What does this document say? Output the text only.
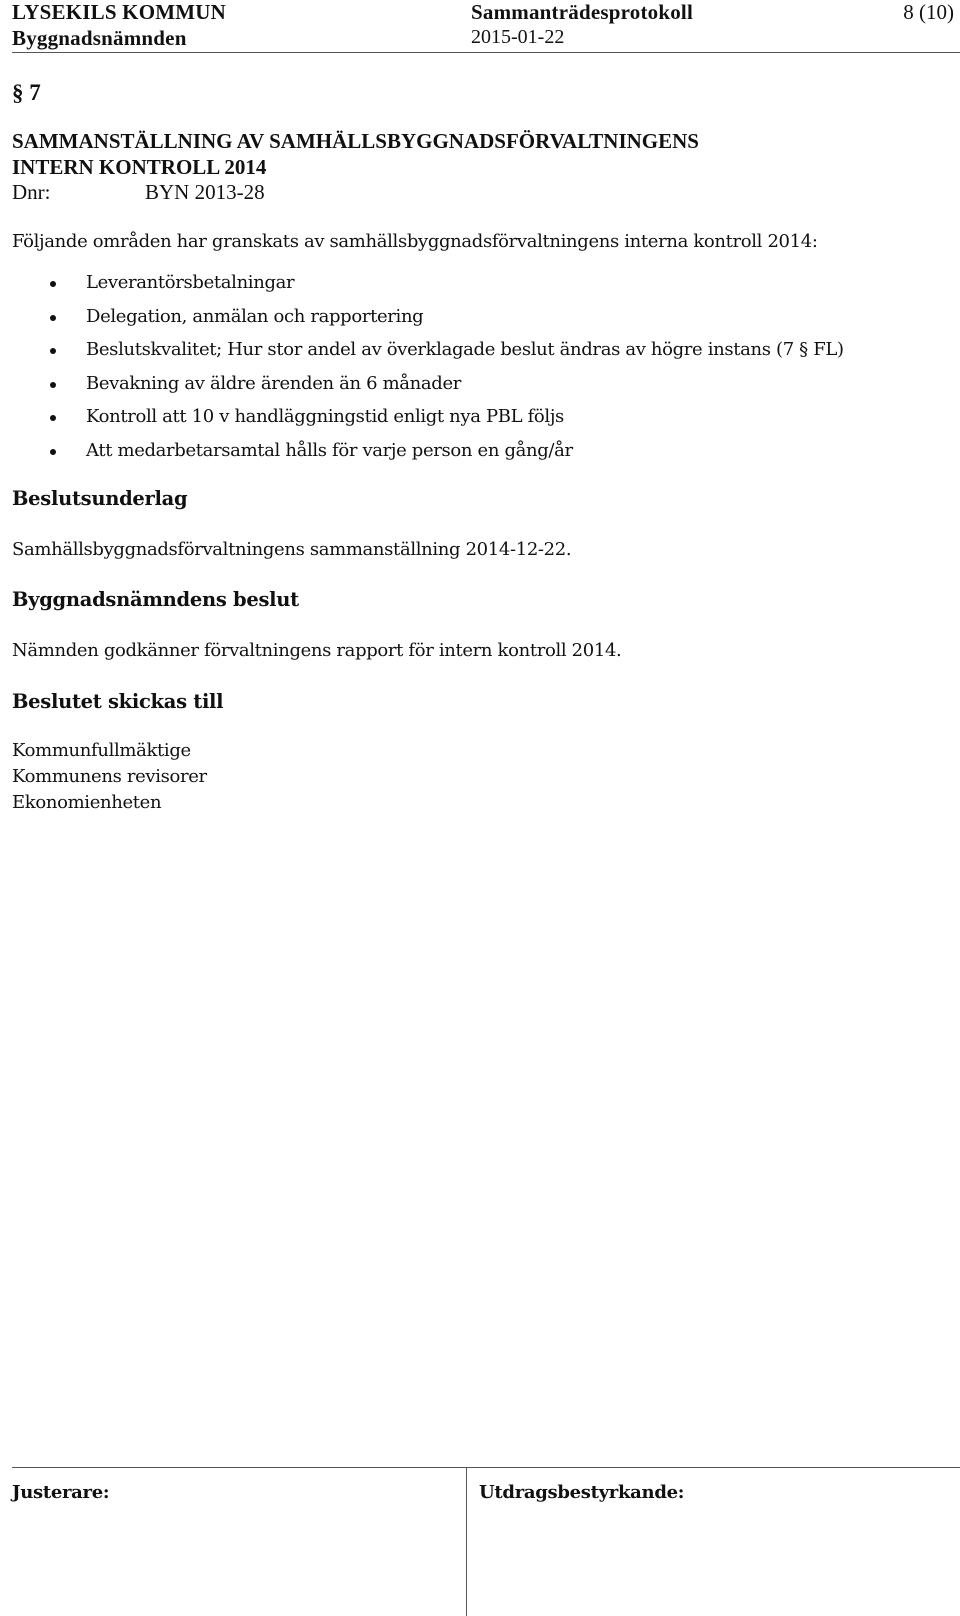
LYSEKILS KOMMUN
Byggnadsnämnden
Sammanträdesprotokoll
2015-01-22
8 (10)
§ 7
SAMMANSTÄLLNING AV SAMHÄLLSBYGGNADSFÖRVALTNINGENS
INTERN KONTROLL 2014
Dnr:	BYN 2013-28
Följande områden har granskats av samhällsbyggnadsförvaltningens interna kontroll 2014:
Leverantörsbetalningar
Delegation, anmälan och rapportering
Beslutskvalitet; Hur stor andel av överklagade beslut ändras av högre instans (7 § FL)
Bevakning av äldre ärenden än 6 månader
Kontroll att 10 v handläggningstid enligt nya PBL följs
Att medarbetarsamtal hålls för varje person en gång/år
Beslutsunderlag
Samhällsbyggnadsförvaltningens sammanställning 2014-12-22.
Byggnadsnämndens beslut
Nämnden godkänner förvaltningens rapport för intern kontroll 2014.
Beslutet skickas till
Kommunfullmäktige
Kommunens revisorer
Ekonomienheten
Justerare:	Utdragsbestyrkande:
